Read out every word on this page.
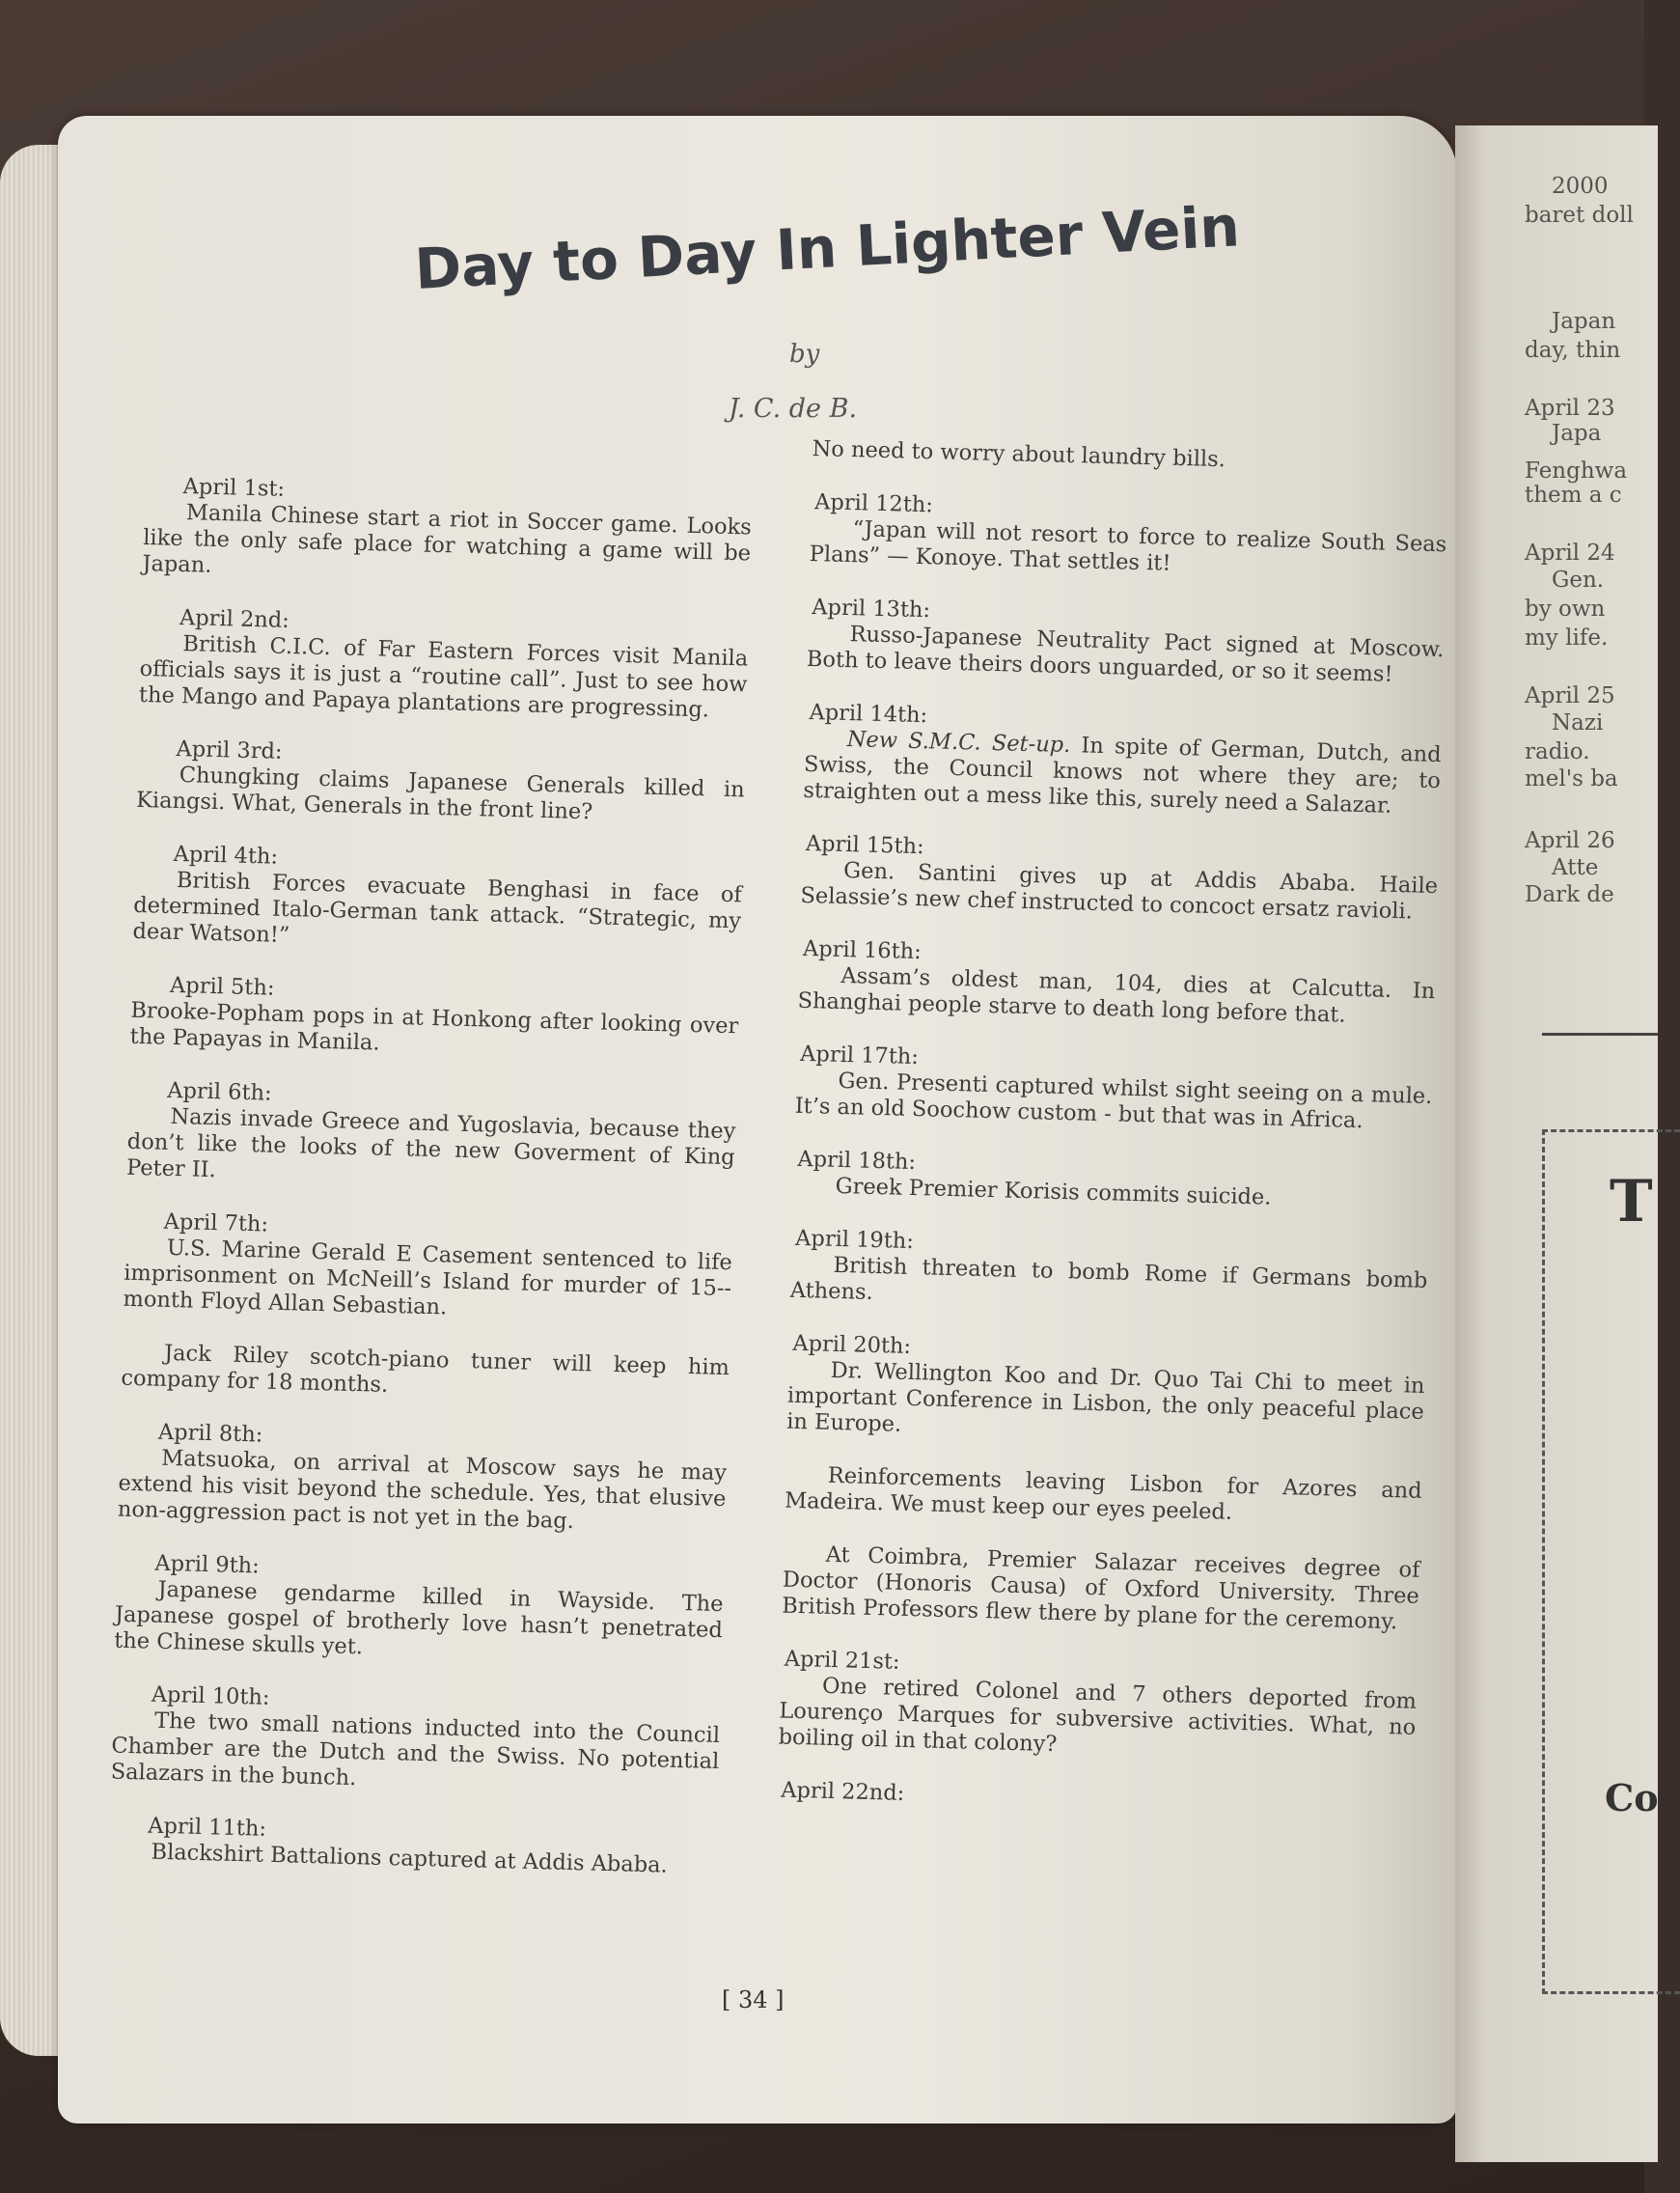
2000
baret doll
Japan
day, thin
April 23
Japa
Fenghwa
them a c
April 24
Gen.
by own
my life.
April 25
Nazi
radio.
mel's ba
April 26
Atte
Dark de
T
Co
Day to Day In Lighter Vein
by
J. C. de B.
April 1st:
Manila Chinese start a riot in Soccer game. Looks like the only safe place for watching a game will be Japan.
April 2nd:
British C.I.C. of Far Eastern Forces visit Manila officials says it is just a “routine call”. Just to see how the Mango and Papaya plantations are progressing.
April 3rd:
Chungking claims Japanese Generals killed in Kiangsi. What, Generals in the front line?
April 4th:
British Forces evacuate Benghasi in face of determined Italo-German tank attack. “Strategic, my dear Watson!”
April 5th:
Brooke-Popham pops in at Honkong after looking over the Papayas in Manila.
April 6th:
Nazis invade Greece and Yugoslavia, because they don’t like the looks of the new Goverment of King Peter II.
April 7th:
U.S. Marine Gerald E Casement sentenced to life imprisonment on McNeill’s Island for murder of 15--month Floyd Allan Sebastian.
Jack Riley scotch-piano tuner will keep him company for 18 months.
April 8th:
Matsuoka, on arrival at Moscow says he may extend his visit beyond the schedule. Yes, that elusive non-aggression pact is not yet in the bag.
April 9th:
Japanese gendarme killed in Wayside. The Japanese gospel of brotherly love hasn’t penetrated the Chinese skulls yet.
April 10th:
The two small nations inducted into the Council Chamber are the Dutch and the Swiss. No potential Salazars in the bunch.
April 11th:
Blackshirt Battalions captured at Addis Ababa.
No need to worry about laundry bills.
April 12th:
“Japan will not resort to force to realize South Seas Plans” — Konoye. That settles it!
April 13th:
Russo-Japanese Neutrality Pact signed at Moscow. Both to leave theirs doors unguarded, or so it seems!
April 14th:
New S.M.C. Set-up. In spite of German, Dutch, and Swiss, the Council knows not where they are; to straighten out a mess like this, surely need a Salazar.
April 15th:
Gen. Santini gives up at Addis Ababa. Haile Selassie’s new chef instructed to concoct ersatz ravioli.
April 16th:
Assam’s oldest man, 104, dies at Calcutta. In Shanghai people starve to death long before that.
April 17th:
Gen. Presenti captured whilst sight seeing on a mule. It’s an old Soochow custom - but that was in Africa.
April 18th:
Greek Premier Korisis commits suicide.
April 19th:
British threaten to bomb Rome if Germans bomb Athens.
April 20th:
Dr. Wellington Koo and Dr. Quo Tai Chi to meet in important Conference in Lisbon, the only peaceful place in Europe.
Reinforcements leaving Lisbon for Azores and Madeira. We must keep our eyes peeled.
At Coimbra, Premier Salazar receives degree of Doctor (Honoris Causa) of Oxford University. Three British Professors flew there by plane for the ceremony.
April 21st:
One retired Colonel and 7 others deported from Lourenço Marques for subversive activities. What, no boiling oil in that colony?
April 22nd:
[ 34 ]
